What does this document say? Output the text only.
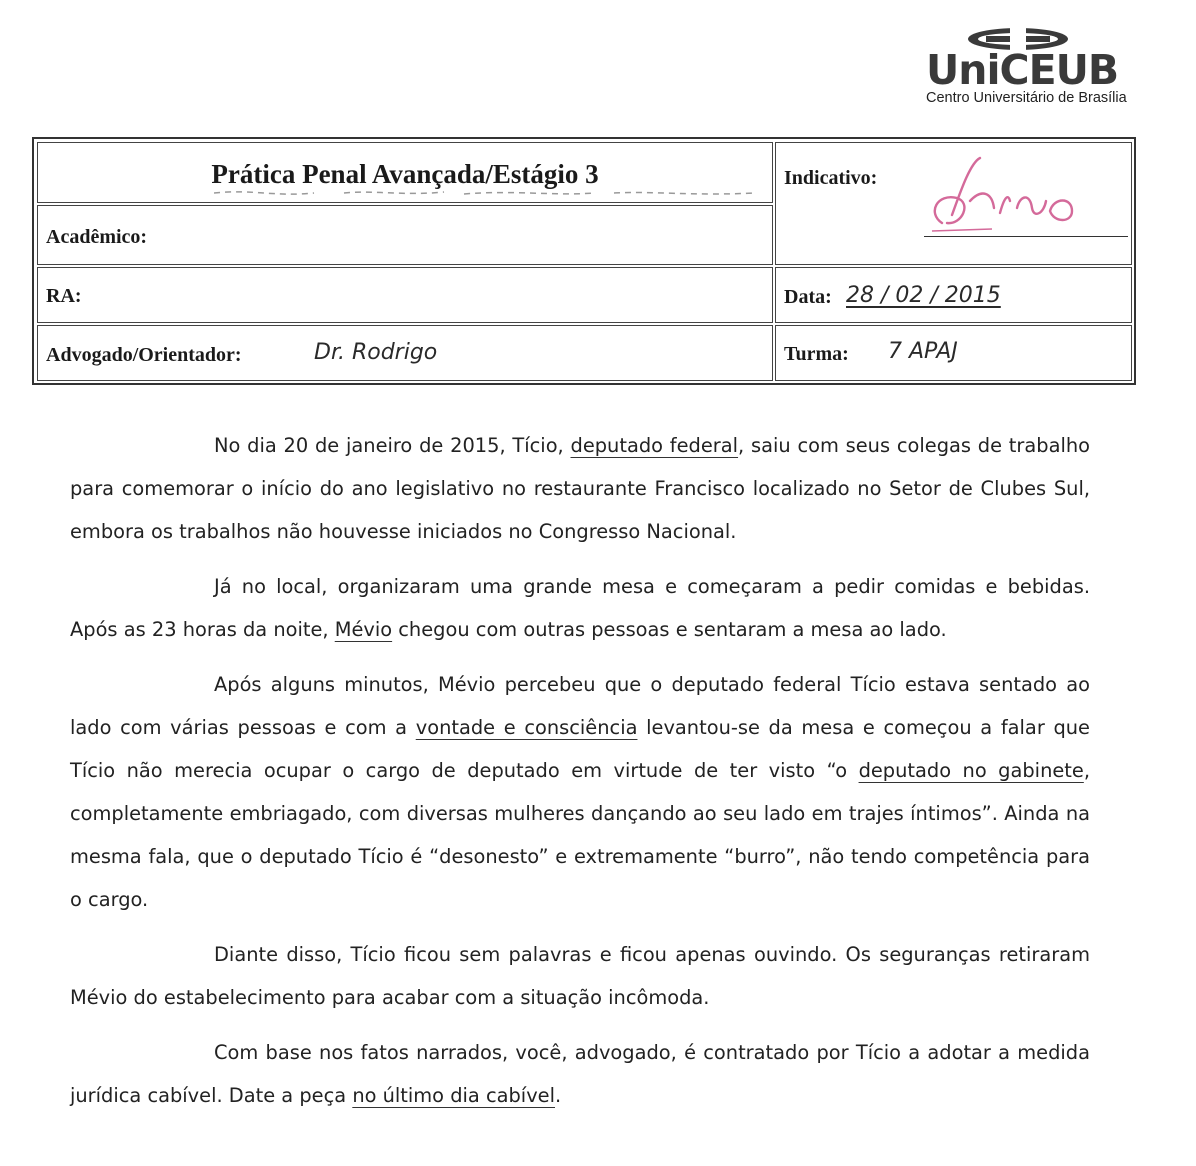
UniCEUB
Centro Universitário de Brasília
Prática Penal Avançada/Estágio 3
Acadêmico:
RA:
Advogado/Orientador:	Dr. Rodrigo
Indicativo:
Data: 28 / 02 / 2015
Turma: 7 APAJ

No dia 20 de janeiro de 2015, Tício, deputado federal, saiu com seus colegas de trabalho para comemorar o início do ano legislativo no restaurante Francisco localizado no Setor de Clubes Sul, embora os trabalhos não houvesse iniciados no Congresso Nacional.

Já no local, organizaram uma grande mesa e começaram a pedir comidas e bebidas. Após as 23 horas da noite, Mévio chegou com outras pessoas e sentaram a mesa ao lado.

Após alguns minutos, Mévio percebeu que o deputado federal Tício estava sentado ao lado com várias pessoas e com a vontade e consciência levantou-se da mesa e começou a falar que Tício não merecia ocupar o cargo de deputado em virtude de ter visto “o deputado no gabinete, completamente embriagado, com diversas mulheres dançando ao seu lado em trajes íntimos”. Ainda na mesma fala, que o deputado Tício é “desonesto” e extremamente “burro”, não tendo competência para o cargo.

Diante disso, Tício ficou sem palavras e ficou apenas ouvindo. Os seguranças retiraram Mévio do estabelecimento para acabar com a situação incômoda.

Com base nos fatos narrados, você, advogado, é contratado por Tício a adotar a medida jurídica cabível. Date a peça no último dia cabível.
